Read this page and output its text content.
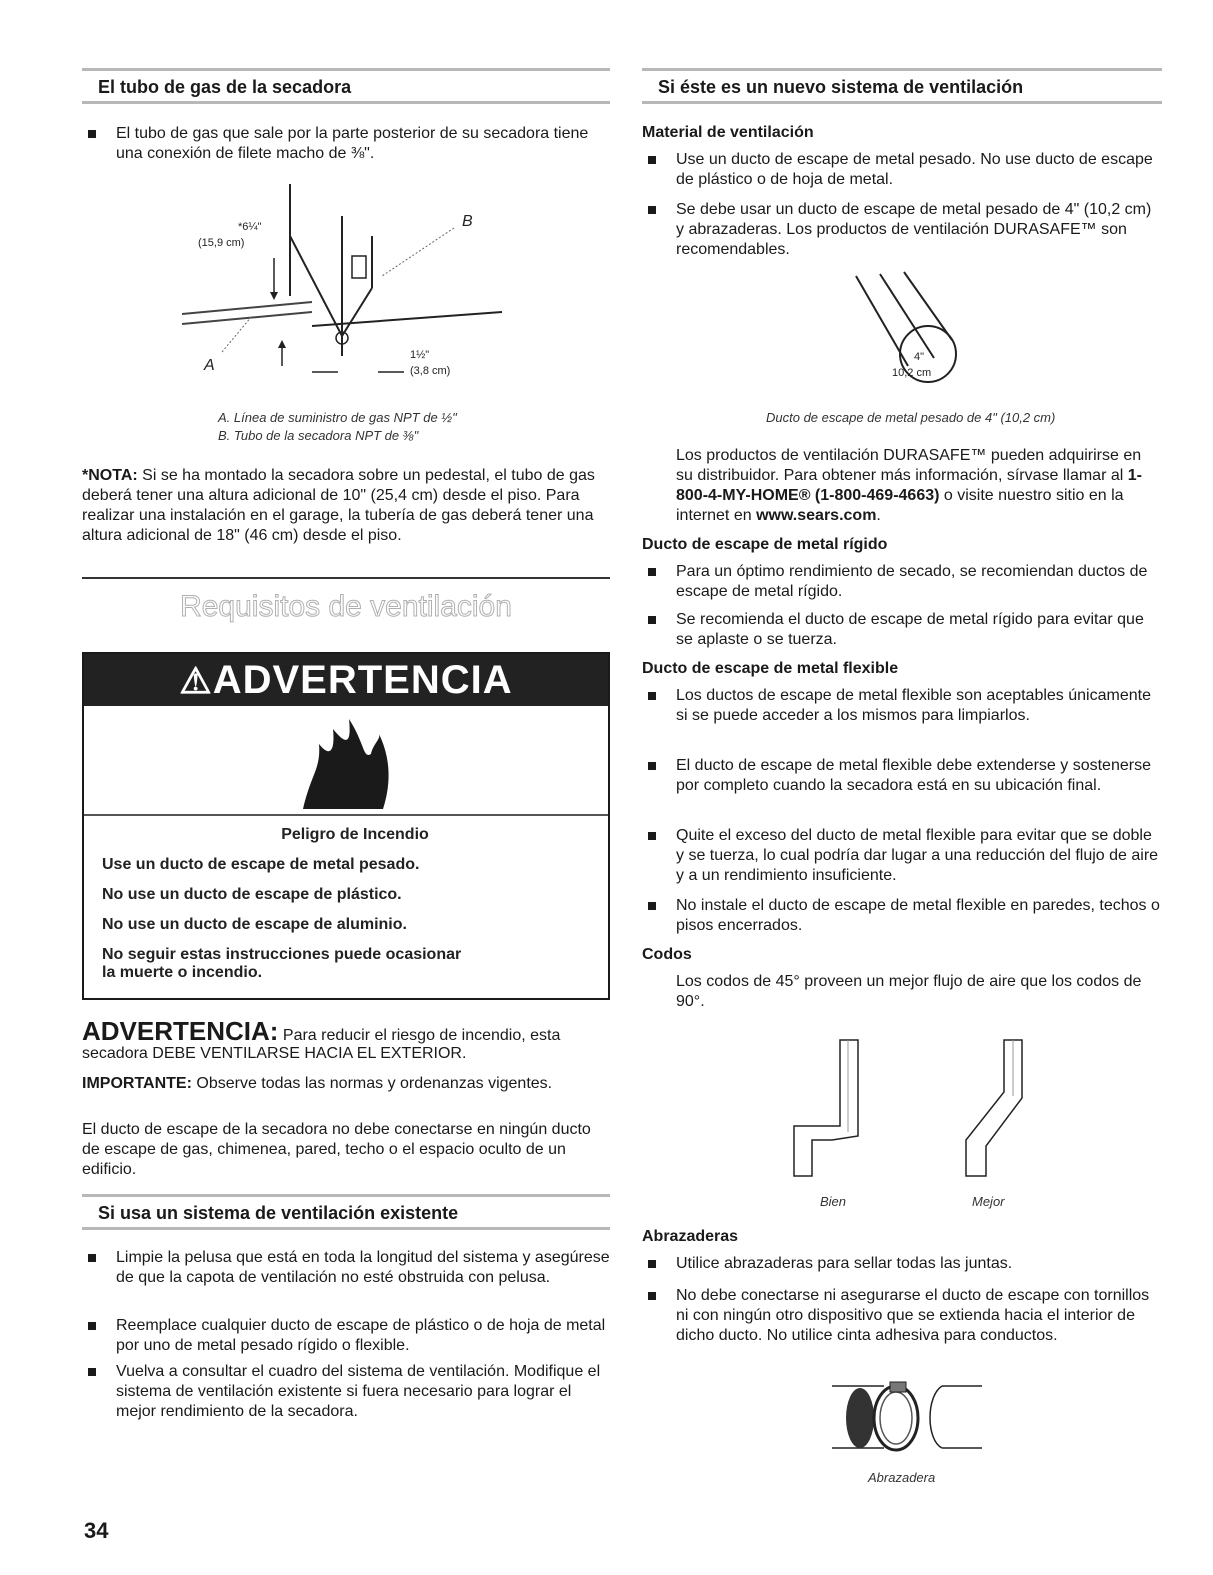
El tubo de gas de la secadora
El tubo de gas que sale por la parte posterior de su secadora tiene una conexión de filete macho de ⅜".
*6¼"
(15,9 cm)
B
A
1½"
(3,8 cm)
A. Línea de suministro de gas NPT de ½"
B. Tubo de la secadora NPT de ⅜"
*NOTA: Si se ha montado la secadora sobre un pedestal, el tubo de gas deberá tener una altura adicional de 10" (25,4 cm) desde el piso. Para realizar una instalación en el garage, la tubería de gas deberá tener una altura adicional de 18" (46 cm) desde el piso.
Requisitos de ventilación
⚠ADVERTENCIA
Peligro de Incendio
Use un ducto de escape de metal pesado.
No use un ducto de escape de plástico.
No use un ducto de escape de aluminio.
No seguir estas instrucciones puede ocasionar
la muerte o incendio.
ADVERTENCIA: Para reducir el riesgo de incendio, esta secadora DEBE VENTILARSE HACIA EL EXTERIOR.
IMPORTANTE: Observe todas las normas y ordenanzas vigentes.
El ducto de escape de la secadora no debe conectarse en ningún ducto de escape de gas, chimenea, pared, techo o el espacio oculto de un edificio.
Si usa un sistema de ventilación existente
Limpie la pelusa que está en toda la longitud del sistema y asegúrese de que la capota de ventilación no esté obstruida con pelusa.
Reemplace cualquier ducto de escape de plástico o de hoja de metal por uno de metal pesado rígido o flexible.
Vuelva a consultar el cuadro del sistema de ventilación. Modifique el sistema de ventilación existente si fuera necesario para lograr el mejor rendimiento de la secadora.
34
Si éste es un nuevo sistema de ventilación
Material de ventilación
Use un ducto de escape de metal pesado. No use ducto de escape de plástico o de hoja de metal.
Se debe usar un ducto de escape de metal pesado de 4" (10,2 cm) y abrazaderas. Los productos de ventilación DURASAFE™ son recomendables.
4"
10,2 cm
Ducto de escape de metal pesado de 4" (10,2 cm)
Los productos de ventilación DURASAFE™ pueden adquirirse en su distribuidor. Para obtener más información, sírvase llamar al 1-800-4-MY-HOME® (1-800-469-4663) o visite nuestro sitio en la internet en www.sears.com.
Ducto de escape de metal rígido
Para un óptimo rendimiento de secado, se recomiendan ductos de escape de metal rígido.
Se recomienda el ducto de escape de metal rígido para evitar que se aplaste o se tuerza.
Ducto de escape de metal flexible
Los ductos de escape de metal flexible son aceptables únicamente si se puede acceder a los mismos para limpiarlos.
El ducto de escape de metal flexible debe extenderse y sostenerse por completo cuando la secadora está en su ubicación final.
Quite el exceso del ducto de metal flexible para evitar que se doble y se tuerza, lo cual podría dar lugar a una reducción del flujo de aire y a un rendimiento insuficiente.
No instale el ducto de escape de metal flexible en paredes, techos o pisos encerrados.
Codos
Los codos de 45° proveen un mejor flujo de aire que los codos de 90°.
Bien	Mejor
Abrazaderas
Utilice abrazaderas para sellar todas las juntas.
No debe conectarse ni asegurarse el ducto de escape con tornillos ni con ningún otro dispositivo que se extienda hacia el interior de dicho ducto. No utilice cinta adhesiva para conductos.
Abrazadera
